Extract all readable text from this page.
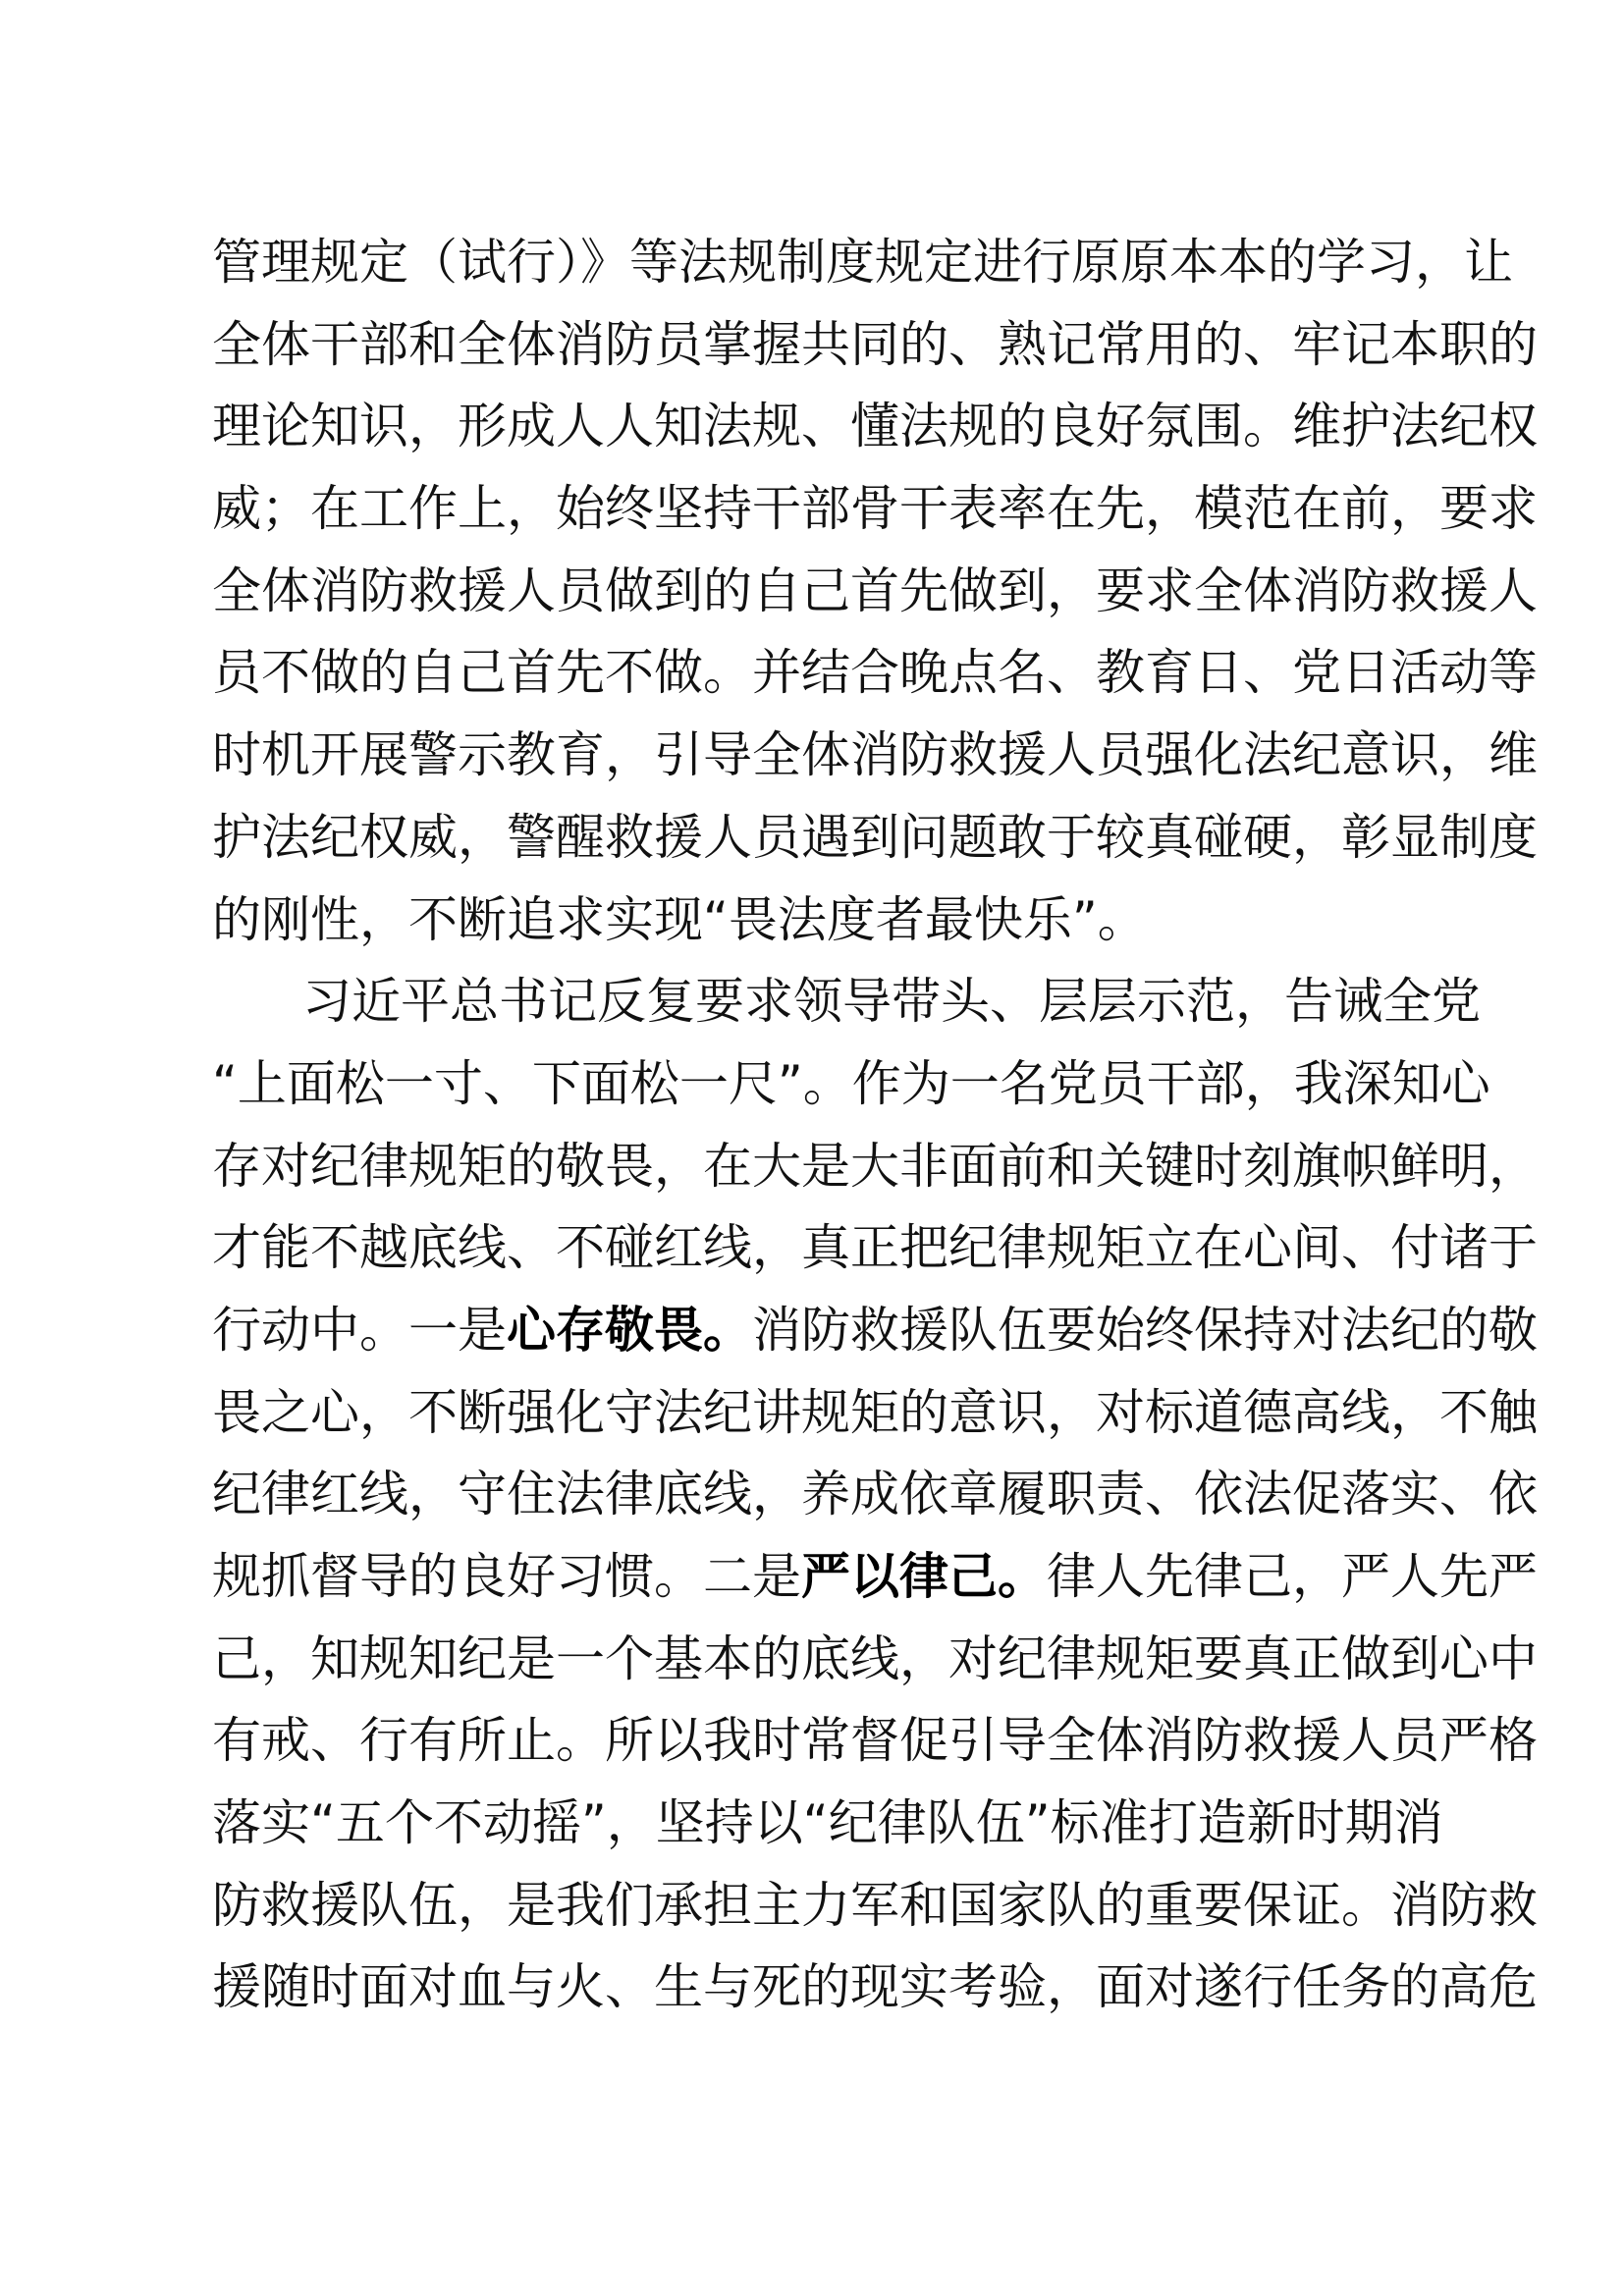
管理规定（试行）》等法规制度规定进行原原本本的学习，让
全体干部和全体消防员掌握共同的、熟记常用的、牢记本职的
理论知识，形成人人知法规、懂法规的良好氛围。维护法纪权
威；在工作上，始终坚持干部骨干表率在先，模范在前，要求
全体消防救援人员做到的自己首先做到，要求全体消防救援人
员不做的自己首先不做。并结合晚点名、教育日、党日活动等
时机开展警示教育，引导全体消防救援人员强化法纪意识，维
护法纪权威，警醒救援人员遇到问题敢于较真碰硬，彰显制度
的刚性，不断追求实现“畏法度者最快乐”。
习近平总书记反复要求领导带头、层层示范，告诫全党
“上面松一寸、下面松一尺”。作为一名党员干部，我深知心
存对纪律规矩的敬畏，在大是大非面前和关键时刻旗帜鲜明，
才能不越底线、不碰红线，真正把纪律规矩立在心间、付诸于
行动中。一是心存敬畏。消防救援队伍要始终保持对法纪的敬
畏之心，不断强化守法纪讲规矩的意识，对标道德高线，不触
纪律红线，守住法律底线，养成依章履职责、依法促落实、依
规抓督导的良好习惯。二是严以律己。律人先律己，严人先严
己，知规知纪是一个基本的底线，对纪律规矩要真正做到心中
有戒、行有所止。所以我时常督促引导全体消防救援人员严格
落实“五个不动摇”，坚持以“纪律队伍”标准打造新时期消
防救援队伍，是我们承担主力军和国家队的重要保证。消防救
援随时面对血与火、生与死的现实考验，面对遂行任务的高危
